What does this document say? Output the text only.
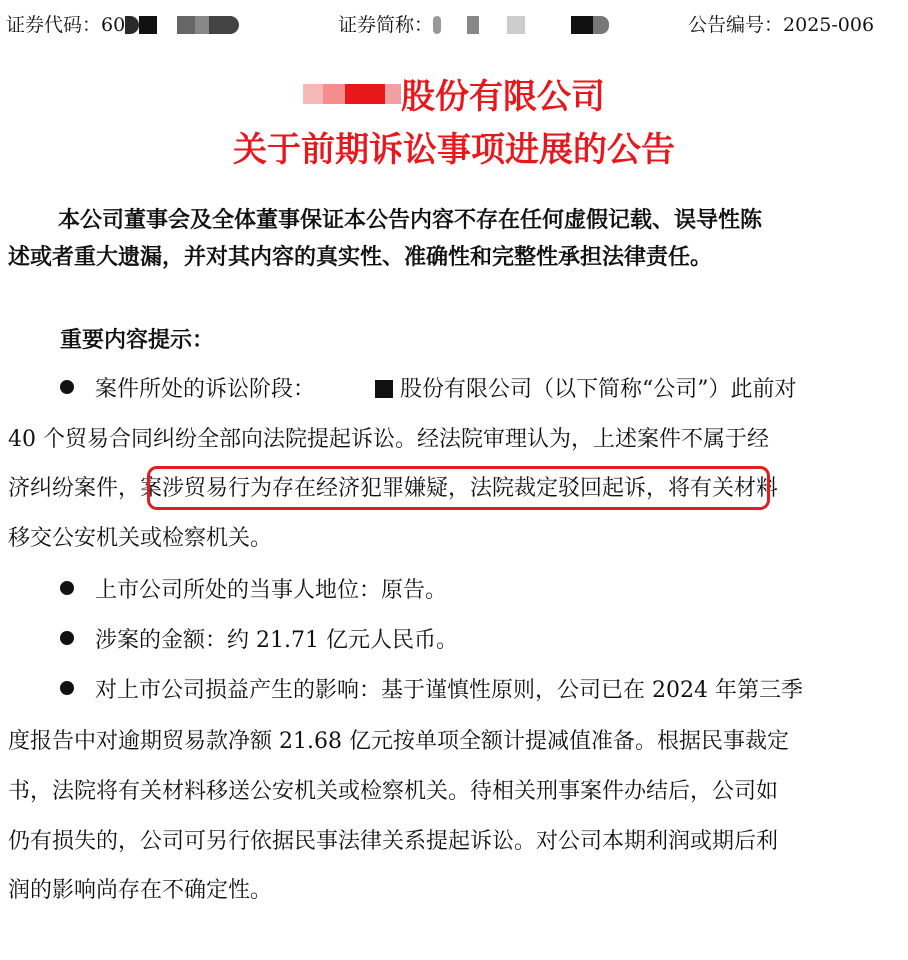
证券代码：60	证券简称：	公告编号：2025-006
股份有限公司
关于前期诉讼事项进展的公告
本公司董事会及全体董事保证本公告内容不存在任何虚假记载、误导性陈
述或者重大遗漏，并对其内容的真实性、准确性和完整性承担法律责任。
重要内容提示：
案件所处的诉讼阶段：	股份有限公司（以下简称“公司”）此前对
40 个贸易合同纠纷全部向法院提起诉讼。经法院审理认为，上述案件不属于经
济纠纷案件，案涉贸易行为存在经济犯罪嫌疑，法院裁定驳回起诉，将有关材料
移交公安机关或检察机关。
上市公司所处的当事人地位：原告。
涉案的金额：约 21.71 亿元人民币。
对上市公司损益产生的影响：基于谨慎性原则，公司已在 2024 年第三季
度报告中对逾期贸易款净额 21.68 亿元按单项全额计提减值准备。根据民事裁定
书，法院将有关材料移送公安机关或检察机关。待相关刑事案件办结后，公司如
仍有损失的，公司可另行依据民事法律关系提起诉讼。对公司本期利润或期后利
润的影响尚存在不确定性。
